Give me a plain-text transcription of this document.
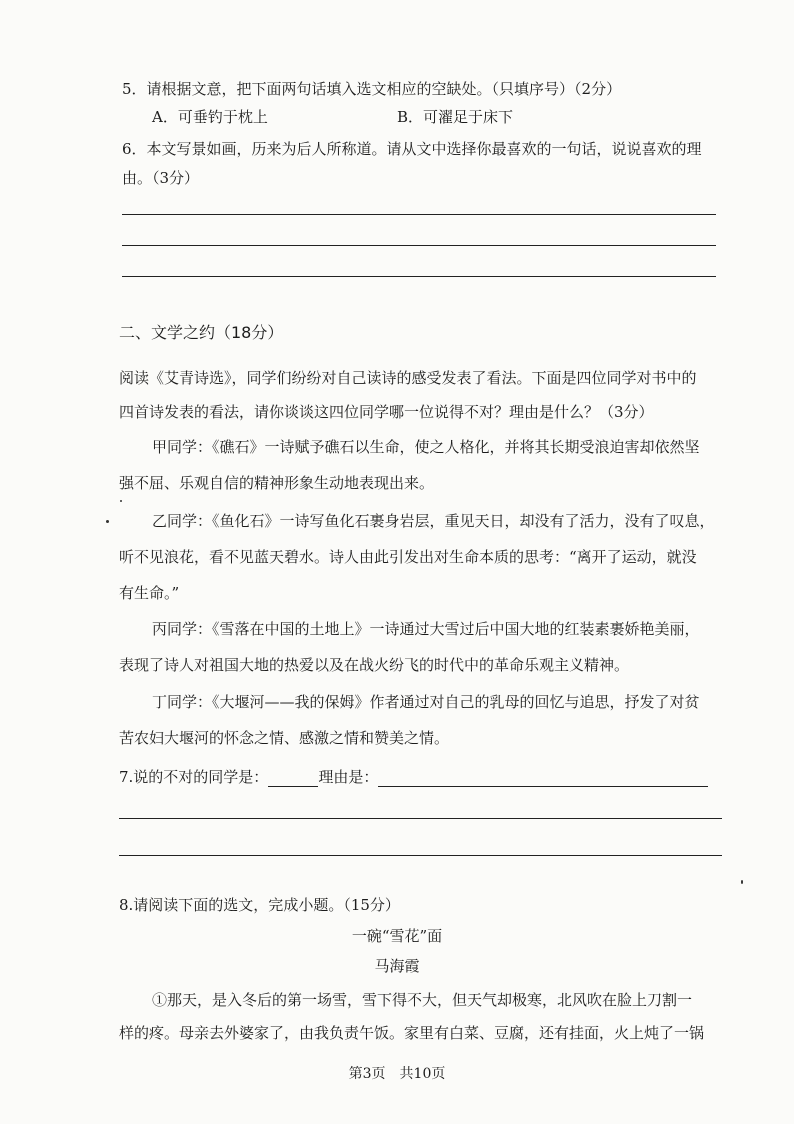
5．请根据文意，把下面两句话填入选文相应的空缺处。（只填序号）（2分）
A．可垂钓于枕上	B．可濯足于床下
6．本文写景如画，历来为后人所称道。请从文中选择你最喜欢的一句话，说说喜欢的理
由。（3分）
二、文学之约（18分）
阅读《艾青诗选》，同学们纷纷对自己读诗的感受发表了看法。下面是四位同学对书中的
四首诗发表的看法，请你谈谈这四位同学哪一位说得不对？理由是什么？（3分）
甲同学：《礁石》一诗赋予礁石以生命，使之人格化，并将其长期受浪迫害却依然坚
强不屈、乐观自信的精神形象生动地表现出来。
乙同学：《鱼化石》一诗写鱼化石裹身岩层，重见天日，却没有了活力，没有了叹息，
听不见浪花，看不见蓝天碧水。诗人由此引发出对生命本质的思考：“离开了运动，就没
有生命。”
丙同学：《雪落在中国的土地上》一诗通过大雪过后中国大地的红装素裹娇艳美丽，
表现了诗人对祖国大地的热爱以及在战火纷飞的时代中的革命乐观主义精神。
丁同学：《大堰河——我的保姆》作者通过对自己的乳母的回忆与追思，抒发了对贫
苦农妇大堰河的怀念之情、感激之情和赞美之情。
7.说的不对的同学是：	理由是：
8.请阅读下面的选文，完成小题。（15分）
一碗“雪花”面
马海霞
①那天，是入冬后的第一场雪，雪下得不大，但天气却极寒，北风吹在脸上刀割一
样的疼。母亲去外婆家了，由我负责午饭。家里有白菜、豆腐，还有挂面，火上炖了一锅
第3页　共10页
